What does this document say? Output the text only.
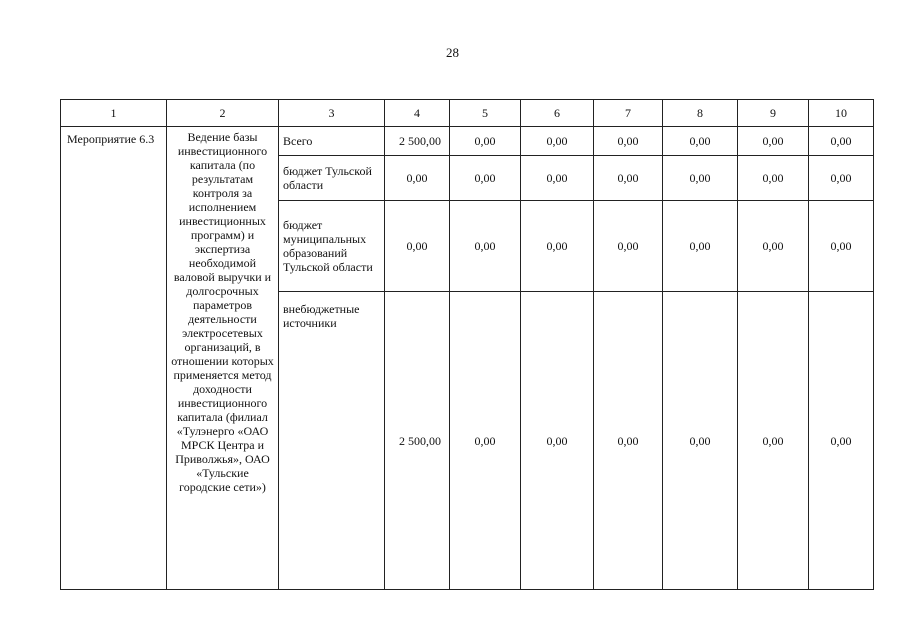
28
1	2	3	4	5	6	7	8	9	10
Мероприятие 6.3	Ведение базы инвестиционного капитала (по результатам контроля за исполнением инвестиционных программ) и экспертиза необходимой валовой выручки и долгосрочных параметров деятельности электросетевых организаций, в отношении которых применяется метод доходности инвестиционного капитала (филиал «Тулэнерго «ОАО МРСК Центра и Приволжья», ОАО «Тульские городские сети»)	Всего	2 500,00	0,00	0,00	0,00	0,00	0,00	0,00
		бюджет Тульской области	0,00	0,00	0,00	0,00	0,00	0,00	0,00
		бюджет муниципальных образований Тульской области	0,00	0,00	0,00	0,00	0,00	0,00	0,00
		внебюджетные источники	2 500,00	0,00	0,00	0,00	0,00	0,00	0,00
